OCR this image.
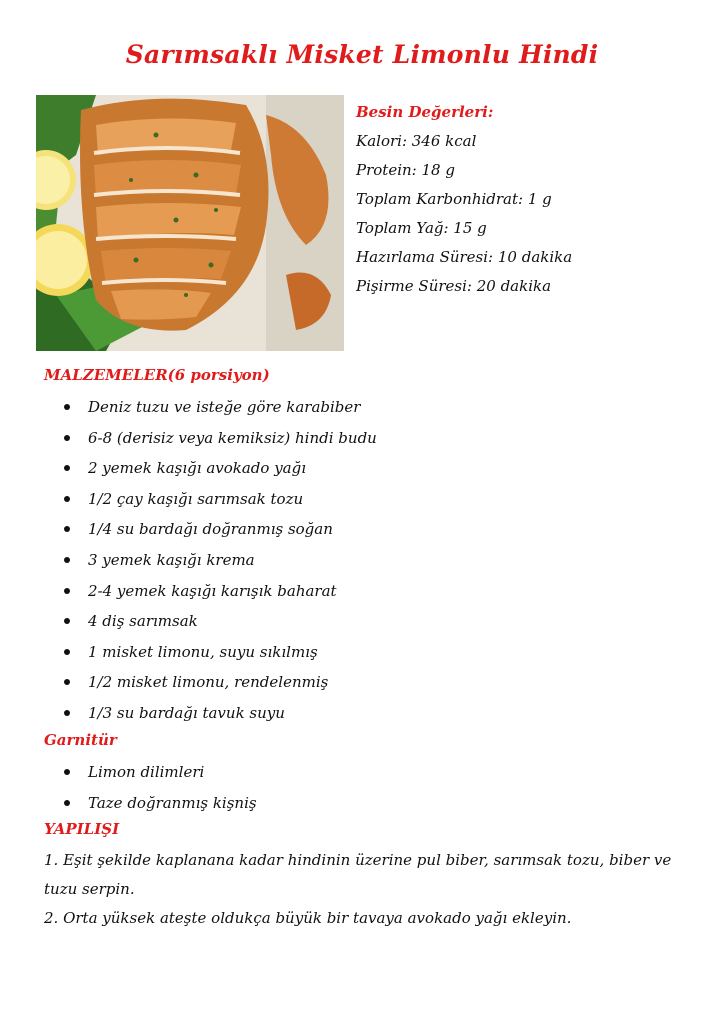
Sarımsaklı Misket Limonlu Hindi

Besin Değerleri:

Kalori: 346 kcal
Protein: 18 g
Toplam Karbonhidrat: 1 g
Toplam Yağ: 15 g
Hazırlama Süresi: 10 dakika
Pişirme Süresi: 20 dakika

MALZEMELER(6 porsiyon)

Deniz tuzu ve isteğe göre karabiber
6-8 (derisiz veya kemiksiz) hindi budu
2 yemek kaşığı avokado yağı
1/2 çay kaşığı sarımsak tozu
1/4 su bardağı doğranmış soğan
3 yemek kaşığı krema
2-4 yemek kaşığı karışık baharat
4 diş sarımsak
1 misket limonu, suyu sıkılmış
1/2 misket limonu, rendelenmiş
1/3 su bardağı tavuk suyu

Garnitür

Limon dilimleri
Taze doğranmış kişniş

YAPILIŞI

1. Eşit şekilde kaplanana kadar hindinin üzerine pul biber, sarımsak tozu, biber ve tuzu serpin.

2. Orta yüksek ateşte oldukça büyük bir tavaya avokado yağı ekleyin.
